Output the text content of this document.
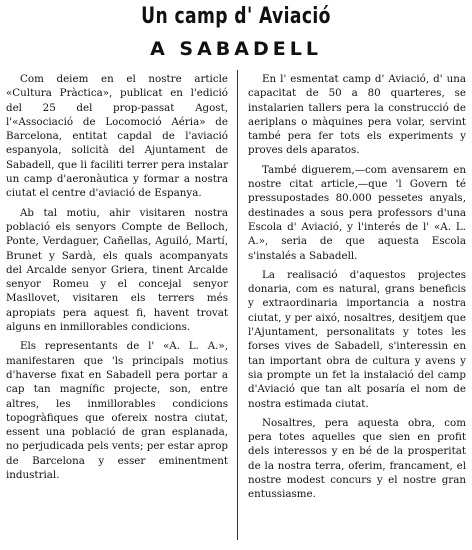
Un camp d' Aviació
A SABADELL

Com deiem en el nostre article «Cultura Pràctica», publicat en l'edició del 25 del prop-passat Agost, l'«Associació de Locomoció Aéria» de Barcelona, entitat capdal de l'aviació espanyola, solicità del Ajuntament de Sabadell, que li faciliti terrer pera instalar un camp d'aeronàutica y formar a nostra ciutat el centre d'aviació de Espanya.

Ab tal motiu, ahir visitaren nostra població els senyors Compte de Belloch, Ponte, Verdaguer, Cañellas, Aguiló, Martí, Brunet y Sardà, els quals acompanyats del Arcalde senyor Griera, tinent Arcalde senyor Romeu y el concejal senyor Masllovet, visitaren els terrers més apropiats pera aquest fi, havent trovat alguns en inmillorables condicions.

Els representants de l' «A. L. A.», manifestaren que 'ls principals motius d'haverse fixat en Sabadell pera portar a cap tan magnífic projecte, son, entre altres, les inmillorables condicions topogràfiques que ofereix nostra ciutat, essent una població de gran esplanada, no perjudicada pels vents; per estar aprop de Barcelona y esser eminentment industrial.

En l' esmentat camp d' Aviació, d' una capacitat de 50 a 80 quarteres, se instalarien tallers pera la construcció de aeriplans o màquines pera volar, servint també pera fer tots els experiments y proves dels aparatos.

També diguerem,—com avensarem en nostre citat article,—que 'l Govern té pressupostades 80.000 pessetes anyals, destinades a sous pera professors d'una Escola d' Aviació, y l'interés de l' «A. L. A.», seria de que aquesta Escola s'instalés a Sabadell.

La realisació d'aquestos projectes donaria, com es natural, grans beneficis y extraordinaria importancia a nostra ciutat, y per aixó, nosaltres, desitjem que l'Ajuntament, personalitats y totes les forses vives de Sabadell, s'interessin en tan important obra de cultura y avens y sia prompte un fet la instalació del camp d'Aviació que tan alt posaría el nom de nostra estimada ciutat.

Nosaltres, pera aquesta obra, com pera totes aquelles que sien en profit dels interessos y en bé de la prosperitat de la nostra terra, oferim, francament, el nostre modest concurs y el nostre gran entussiasme.
